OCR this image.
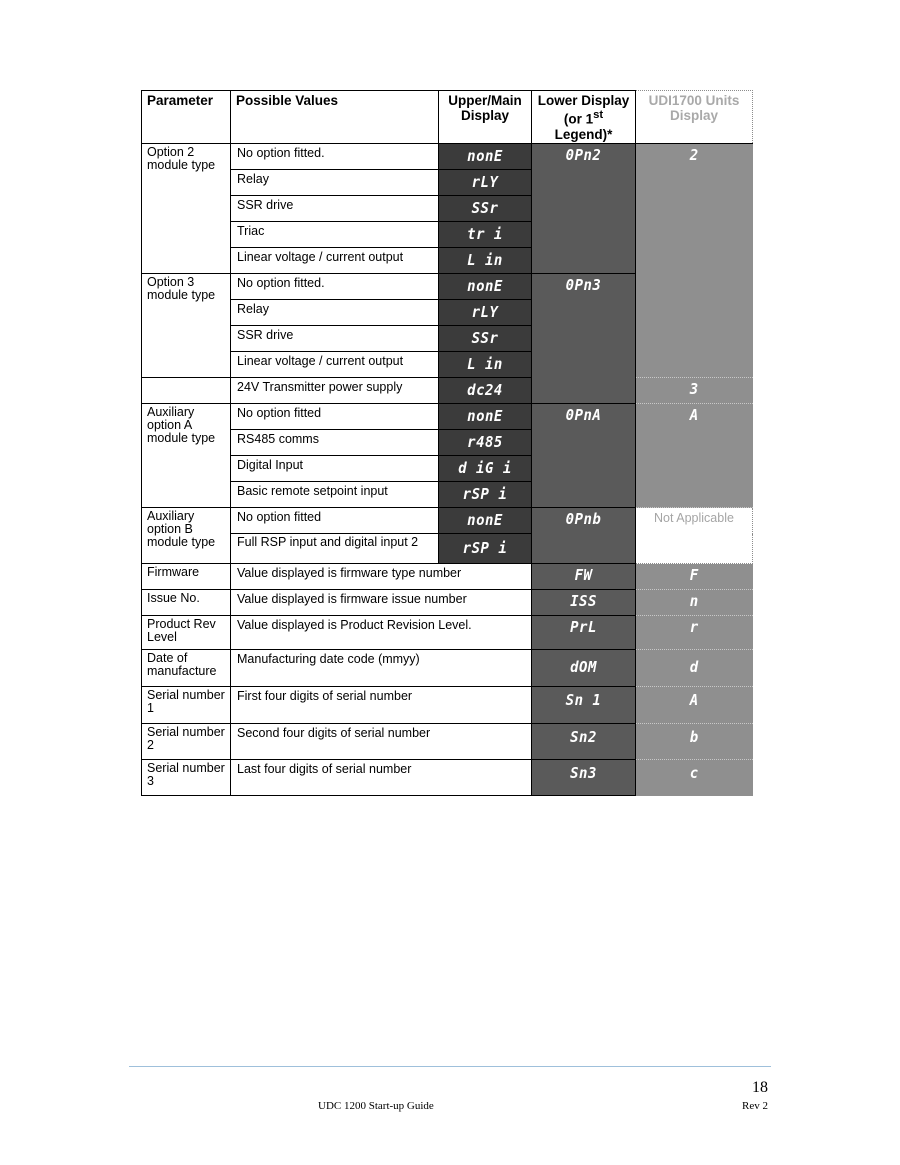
Parameter	Possible Values	Upper/Main Display	Lower Display (or 1st Legend)*	UDI1700 Units Display
Option 2 module type	No option fitted.	nonE	0Pn2	2
	Relay	rLY		
	SSR drive	SSr		
	Triac	tr i		
	Linear voltage / current output	L in		
Option 3 module type	No option fitted.	nonE	0Pn3	
	Relay	rLY		
	SSR drive	SSr		
	Linear voltage / current output	L in		
	24V Transmitter power supply	dc24		3
Auxiliary option A module type	No option fitted	nonE	0PnA	A
	RS485 comms	r485		
	Digital Input	d iG i		
	Basic remote setpoint input	rSP i		
Auxiliary option B module type	No option fitted	nonE	0Pnb	Not Applicable
	Full RSP input and digital input 2	rSP i		
Firmware	Value displayed is firmware type number		FW	F
Issue No.	Value displayed is firmware issue number		ISS	n
Product Rev Level	Value displayed is Product Revision Level.		PrL	r
Date of manufacture	Manufacturing date code (mmyy)		dOM	d
Serial number 1	First four digits of serial number		Sn 1	A
Serial number 2	Second four digits of serial number		Sn2	b
Serial number 3	Last four digits of serial number		Sn3	c
18
UDC 1200 Start-up Guide	Rev 2
